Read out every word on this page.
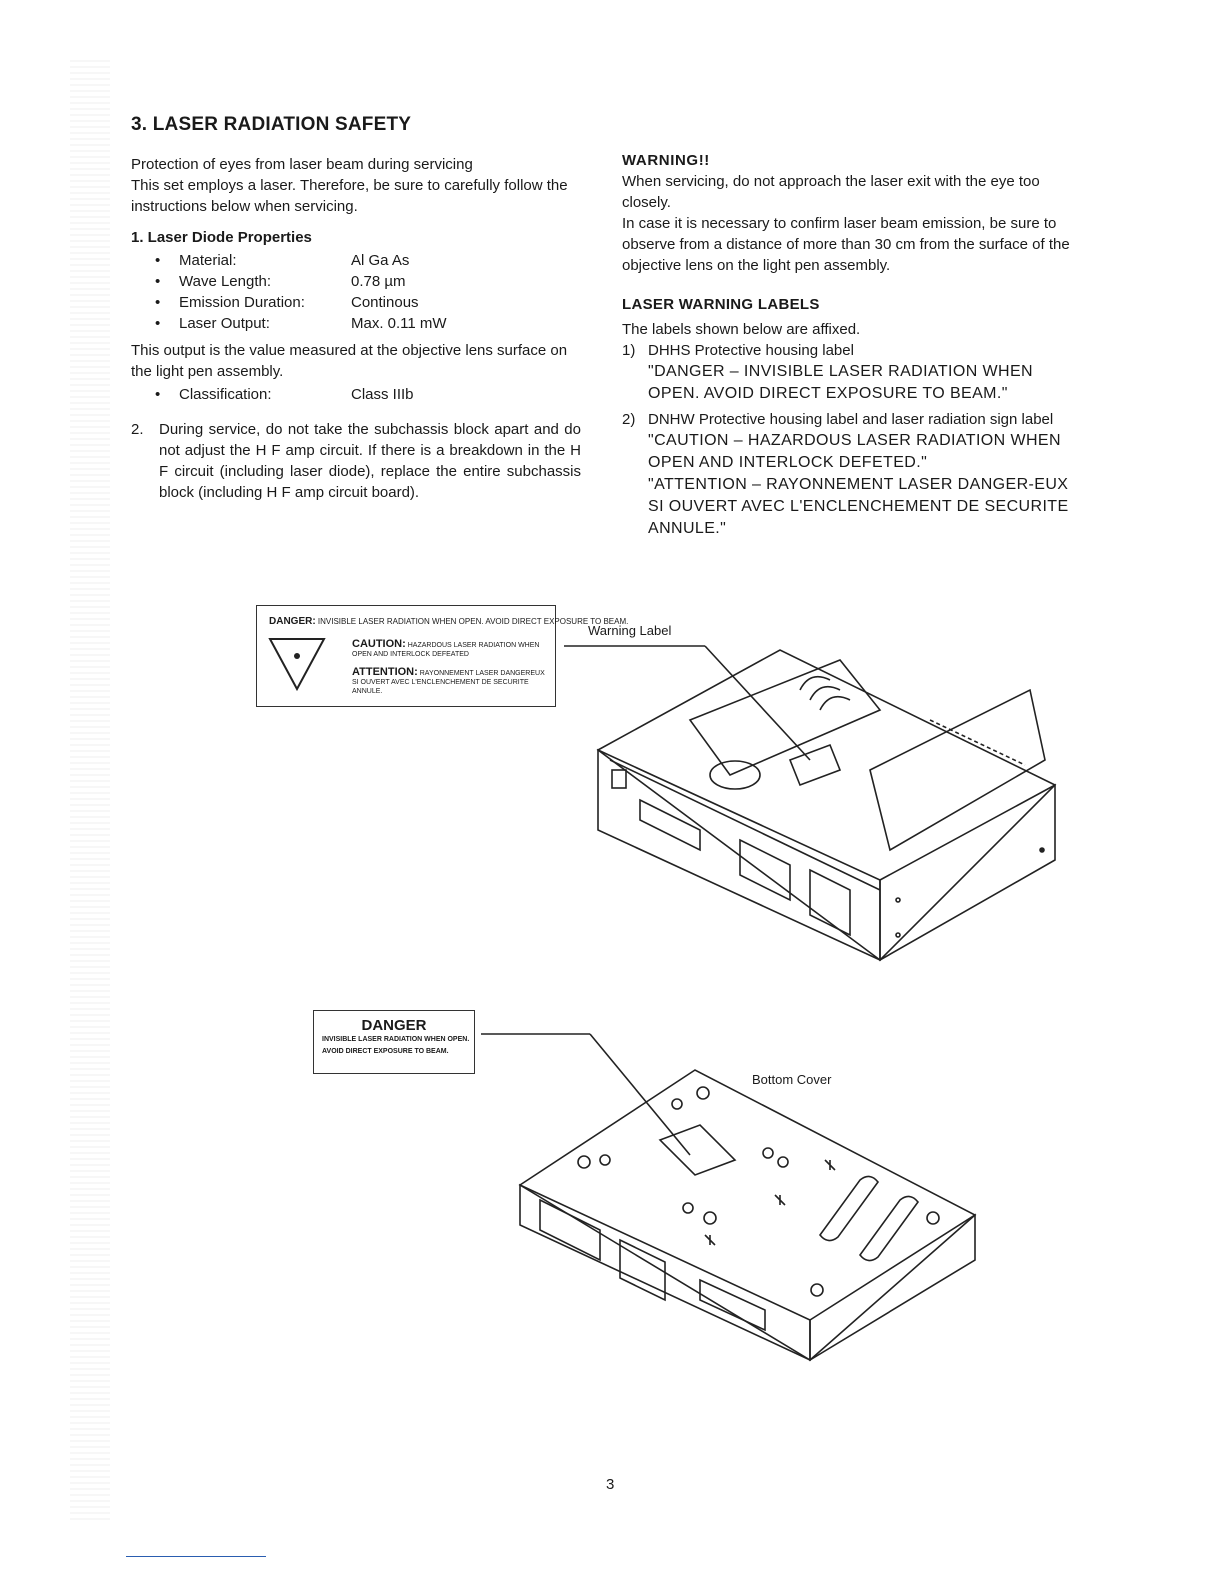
3. LASER RADIATION SAFETY

Protection of eyes from laser beam during servicing

This set employs a laser. Therefore, be sure to carefully follow the instructions below when servicing.

1. Laser Diode Properties

• Material:	Al Ga As
• Wave Length:	0.78 µm
• Emission Duration:	Continous
• Laser Output:	Max. 0.11 mW

This output is the value measured at the objective lens surface on the light pen assembly.

• Classification:	Class IIIb
2.	During service, do not take the subchassis block apart and do not adjust the H F amp circuit. If there is a breakdown in the H F circuit (including laser diode), replace the entire subchassis block (including H F amp circuit board).

WARNING!!

When servicing, do not approach the laser exit with the eye too closely.

In case it is necessary to confirm laser beam emission, be sure to observe from a distance of more than 30 cm from the surface of the objective lens on the light pen assembly.

LASER WARNING LABELS

The labels shown below are affixed.

1) DHHS Protective housing label

"DANGER – INVISIBLE LASER RADIATION WHEN OPEN. AVOID DIRECT EXPOSURE TO BEAM."

2) DNHW Protective housing label and laser radiation sign label

"CAUTION – HAZARDOUS LASER RADIATION WHEN OPEN AND INTERLOCK DEFETED."

"ATTENTION – RAYONNEMENT LASER DANGER-EUX SI OUVERT AVEC L'ENCLENCHEMENT DE SECURITE ANNULE."

DANGER: INVISIBLE LASER RADIATION WHEN OPEN. AVOID DIRECT EXPOSURE TO BEAM.
CAUTION: HAZARDOUS LASER RADIATION WHEN OPEN AND INTERLOCK DEFEATED
ATTENTION: RAYONNEMENT LASER DANGEREUX SI OUVERT AVEC L'ENCLENCHEMENT DE SECURITE ANNULE.
Warning Label
DANGER
INVISIBLE LASER RADIATION WHEN OPEN.
AVOID DIRECT EXPOSURE TO BEAM.
Bottom Cover
3
